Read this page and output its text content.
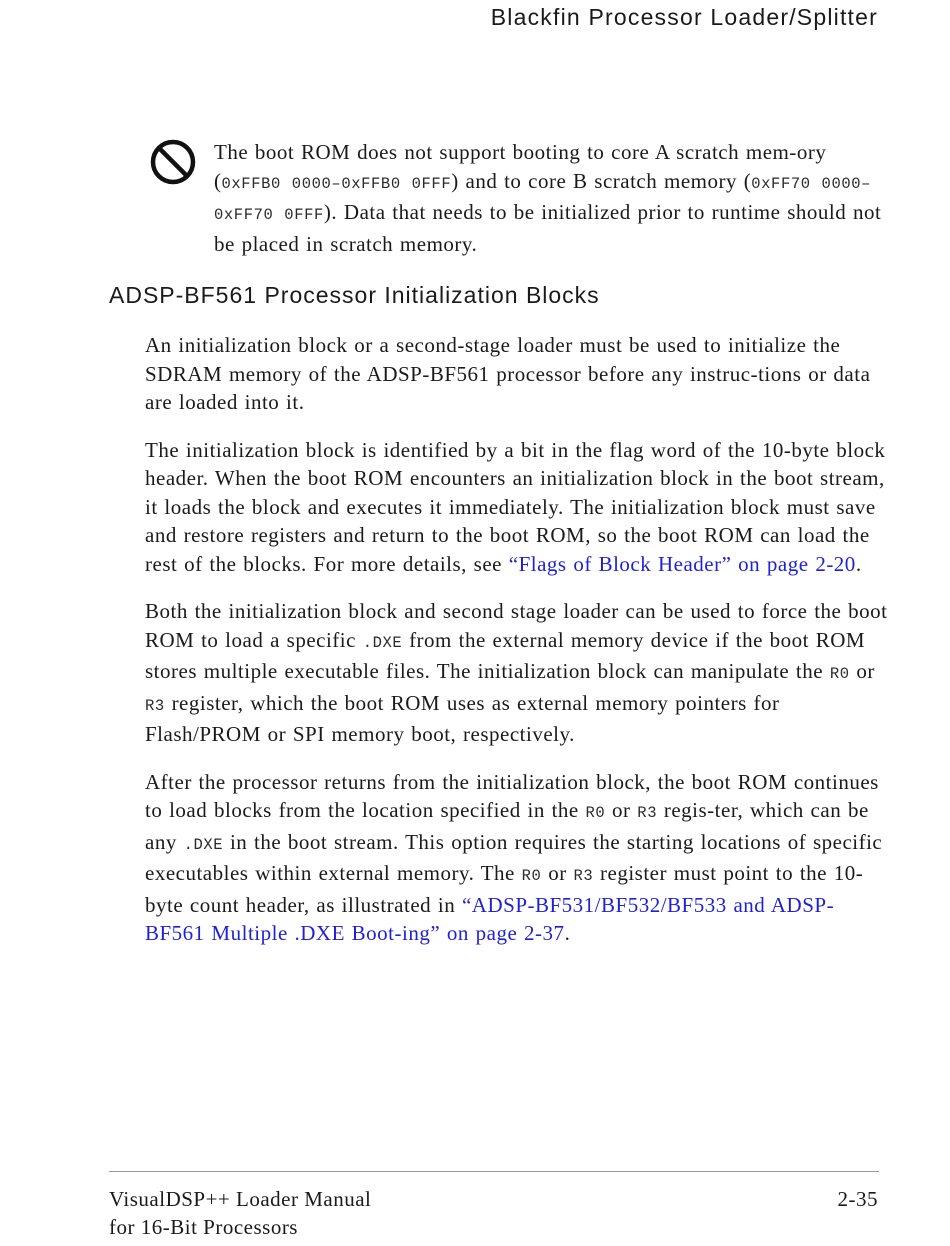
Blackfin Processor Loader/Splitter
The boot ROM does not support booting to core A scratch mem-ory (0xFFB0 0000–0xFFB0 0FFF) and to core B scratch memory (0xFF70 0000–0xFF70 0FFF). Data that needs to be initialized prior to runtime should not be placed in scratch memory.
ADSP-BF561 Processor Initialization Blocks

An initialization block or a second-stage loader must be used to initialize the SDRAM memory of the ADSP-BF561 processor before any instruc-tions or data are loaded into it.

The initialization block is identified by a bit in the flag word of the 10-byte block header. When the boot ROM encounters an initialization block in the boot stream, it loads the block and executes it immediately. The initialization block must save and restore registers and return to the boot ROM, so the boot ROM can load the rest of the blocks. For more details, see “Flags of Block Header” on page 2-20.

Both the initialization block and second stage loader can be used to force the boot ROM to load a specific .DXE from the external memory device if the boot ROM stores multiple executable files. The initialization block can manipulate the R0 or R3 register, which the boot ROM uses as external memory pointers for Flash/PROM or SPI memory boot, respectively.

After the processor returns from the initialization block, the boot ROM continues to load blocks from the location specified in the R0 or R3 regis-ter, which can be any .DXE in the boot stream. This option requires the starting locations of specific executables within external memory. The R0 or R3 register must point to the 10-byte count header, as illustrated in “ADSP-BF531/BF532/BF533 and ADSP-BF561 Multiple .DXE Boot-ing” on page 2-37.

VisualDSP++ Loader Manual
for 16-Bit Processors
2-35
